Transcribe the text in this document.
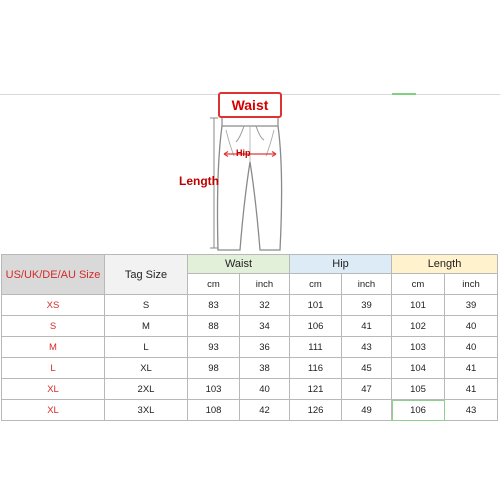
Waist
Hip
Length
US/UK/DE/AU Size	Tag Size	Waist		Hip		Length	
		cm	inch	cm	inch	cm	inch
XS	S	83	32	101	39	101	39
S	M	88	34	106	41	102	40
M	L	93	36	111	43	103	40
L	XL	98	38	116	45	104	41
XL	2XL	103	40	121	47	105	41
XL	3XL	108	42	126	49	106	43
